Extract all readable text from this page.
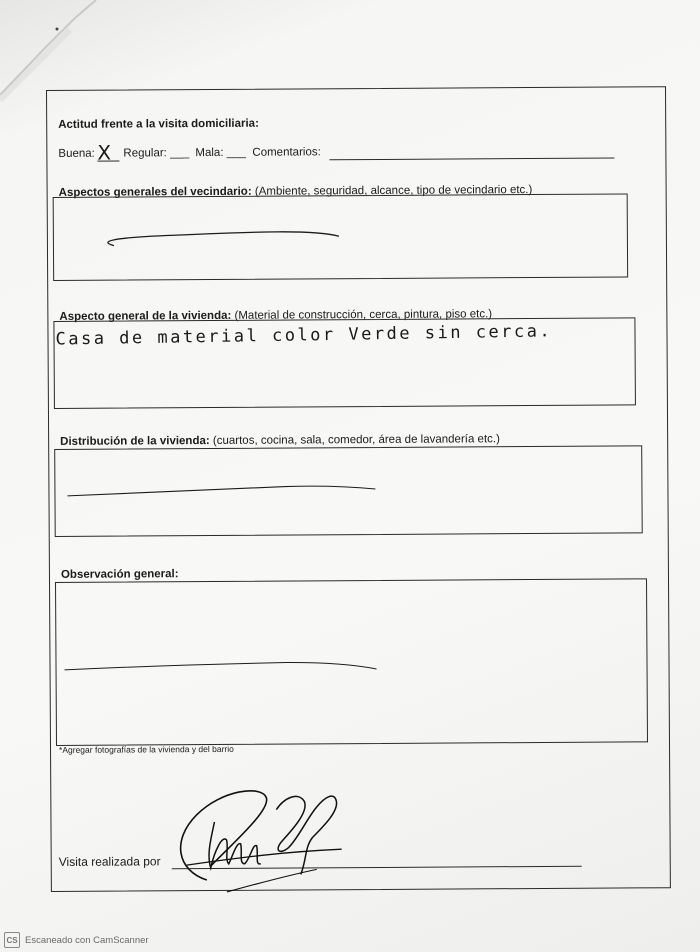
Actitud frente a la visita domiciliaria:
Buena: X Regular: ___ Mala: ___ Comentarios:
Aspectos generales del vecindario: (Ambiente, seguridad, alcance, tipo de vecindario etc.)
Aspecto general de la vivienda: (Material de construcción, cerca, pintura, piso etc.)
Casa de material color Verde sin cerca.
Distribución de la vivienda: (cuartos, cocina, sala, comedor, área de lavandería etc.)
Observación general:
*Agregar fotografías de la vivienda y del barrio
Visita realizada por
CS Escaneado con CamScanner
